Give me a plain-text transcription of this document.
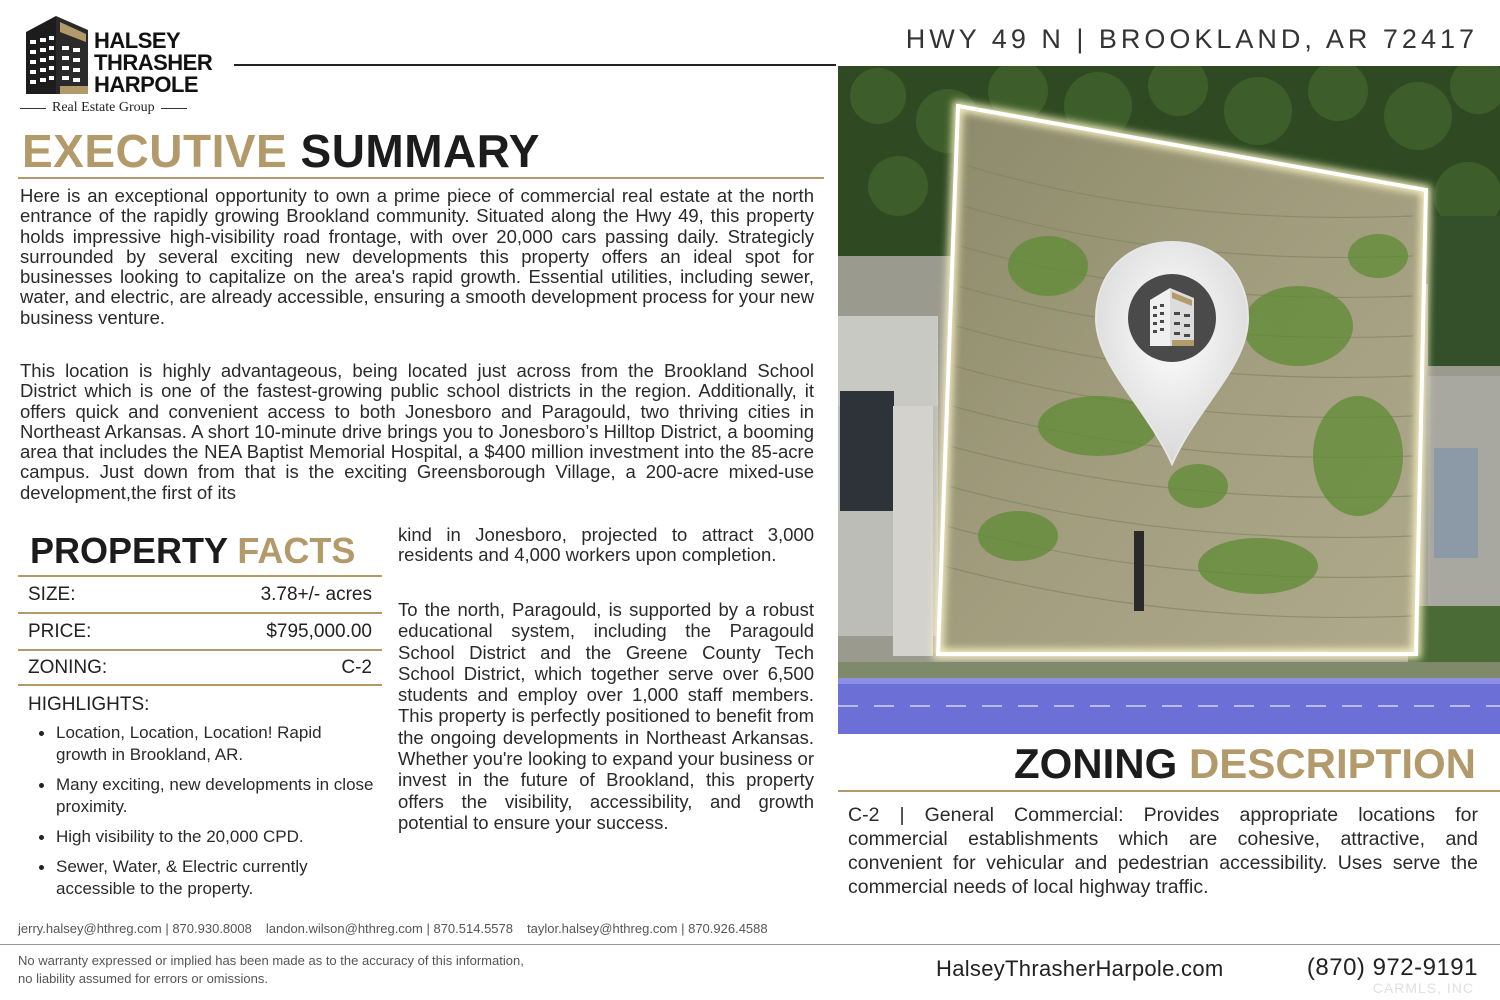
HALSEY
THRASHER
HARPOLE
Real Estate Group
HWY 49 N | BROOKLAND, AR 72417
EXECUTIVE SUMMARY

Here is an exceptional opportunity to own a prime piece of commercial real estate at the north entrance of the rapidly growing Brookland community. Situated along the Hwy 49, this property holds impressive high-visibility road frontage, with over 20,000 cars passing daily. Strategicly surrounded by several exciting new developments this property offers an ideal spot for businesses looking to capitalize on the area's rapid growth. Essential utilities, including sewer, water, and electric, are already accessible, ensuring a smooth development process for your new business venture.

This location is highly advantageous, being located just across from the Brookland School District which is one of the fastest-growing public school districts in the region. Additionally, it offers quick and convenient access to both Jonesboro and Paragould, two thriving cities in Northeast Arkansas. A short 10-minute drive brings you to Jonesboro’s Hilltop District, a booming area that includes the NEA Baptist Memorial Hospital, a $400 million investment into the 85-acre campus. Just down from that is the exciting Greensborough Village, a 200-acre mixed-use development,the first of its

kind in Jonesboro, projected to attract 3,000 residents and 4,000 workers upon completion.

To the north, Paragould, is supported by a robust educational system, including the Paragould School District and the Greene County Tech School District, which together serve over 6,500 students and employ over 1,000 staff members. This property is perfectly positioned to benefit from the ongoing developments in Northeast Arkansas. Whether you're looking to expand your business or invest in the future of Brookland, this property offers the visibility, accessibility, and growth potential to ensure your success.

PROPERTY FACTS
SIZE:	3.78+/- acres
PRICE:	$795,000.00
ZONING:	C-2
HIGHLIGHTS:
Location, Location, Location! Rapid growth in Brookland, AR.
Many exciting, new developments in close proximity.
High visibility to the 20,000 CPD.
Sewer, Water, & Electric currently accessible to the property.
ZONING DESCRIPTION

C-2 | General Commercial: Provides appropriate locations for commercial establishments which are cohesive, attractive, and convenient for vehicular and pedestrian accessibility. Uses serve the commercial needs of local highway traffic.

jerry.halsey@hthreg.com | 870.930.8008 landon.wilson@hthreg.com | 870.514.5578 taylor.halsey@hthreg.com | 870.926.4588

No warranty expressed or implied has been made as to the accuracy of this information, no liability assumed for errors or omissions.	HalseyThrasherHarpole.com	(870) 972-9191
CARMLS, INC
